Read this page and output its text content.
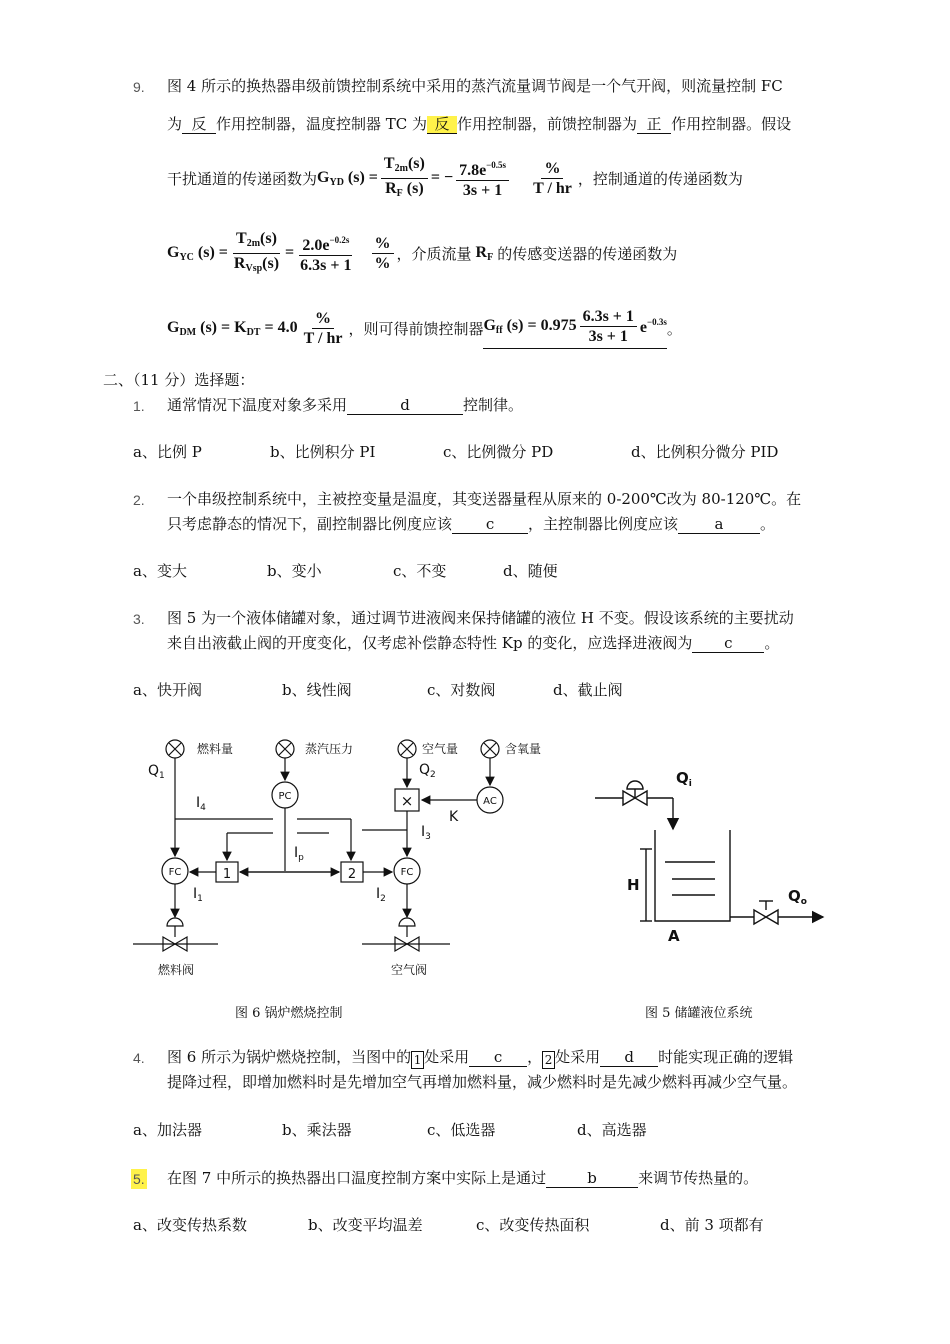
9. 图 4 所示的换热器串级前馈控制系统中采用的蒸汽流量调节阀是一个气开阀，则流量控制 FC
为 反 作用控制器，温度控制器 TC 为 反 作用控制器，前馈控制器为 正 作用控制器。假设
干扰通道的传递函数为 $G_{YD}$ $(s) = \frac{T_{2m}(s)}{R_F (s)}$ = − $\frac{7.8e^{-0.5s}}{3s + 1} \frac{\%}{T / hr}$ ，控制通道的传递函数为
$G_{YC}$ $(s) = \frac{T_{2m}(s)}{R_{Vsp}(s)} = \frac{2.0e^{-0.2s}}{6.3s + 1} \frac{\%}{\%}$ ，介质流量 $R_F$ 的传感变送器的传递函数为
$G_{DM}$ $(s) = K_{DT} = 4.0 \frac{\%}{T / hr}$ ，则可得前馈控制器 $G_{ff}$ $(s) = 0.975 \frac{6.3s + 1}{3s + 1} e^{-0.3s}$ 。
二、（11 分）选择题：
1. 通常情况下温度对象多采用	d	控制律。
a、比例 P	b、比例积分 PI	c、比例微分 PD	d、比例积分微分 PID
2. 一个串级控制系统中，主被控变量是温度，其变送器量程从原来的 0-200℃改为 80-120℃。在
只考虑静态的情况下，副控制器比例度应该 c ，主控制器比例度应该 a 。
a、变大	b、变小	c、不变	d、随便
3. 图 5 为一个液体储罐对象，通过调节进液阀来保持储罐的液位 H 不变。假设该系统的主要扰动
来自出液截止阀的开度变化，仅考虑补偿静态特性 Kp 的变化，应选择进液阀为 c 。
a、快开阀	b、线性阀	c、对数阀	d、截止阀
燃料量	蒸汽压力	空气量	含氧量
PC	AC
FC	FC
×
1	2
$Q_1$	$Q_2$
$I_4$
$I_3$
$I_p$
$I_1$	$I_2$
K
燃料阀	空气阀
图 6 锅炉燃烧控制
$Q_i$
$Q_o$
H
A
图 5 储罐液位系统
4. 图 6 所示为锅炉燃烧控制，当图中的 1 处采用 c ， 2 处采用 d 时能实现正确的逻辑
提降过程，即增加燃料时是先增加空气再增加燃料量，减少燃料时是先减少燃料再减少空气量。
a、加法器	b、乘法器	c、低选器	d、高选器
5. 在图 7 中所示的换热器出口温度控制方案中实际上是通过	b	来调节传热量的。
a、改变传热系数	b、改变平均温差	c、改变传热面积	d、前 3 项都有
